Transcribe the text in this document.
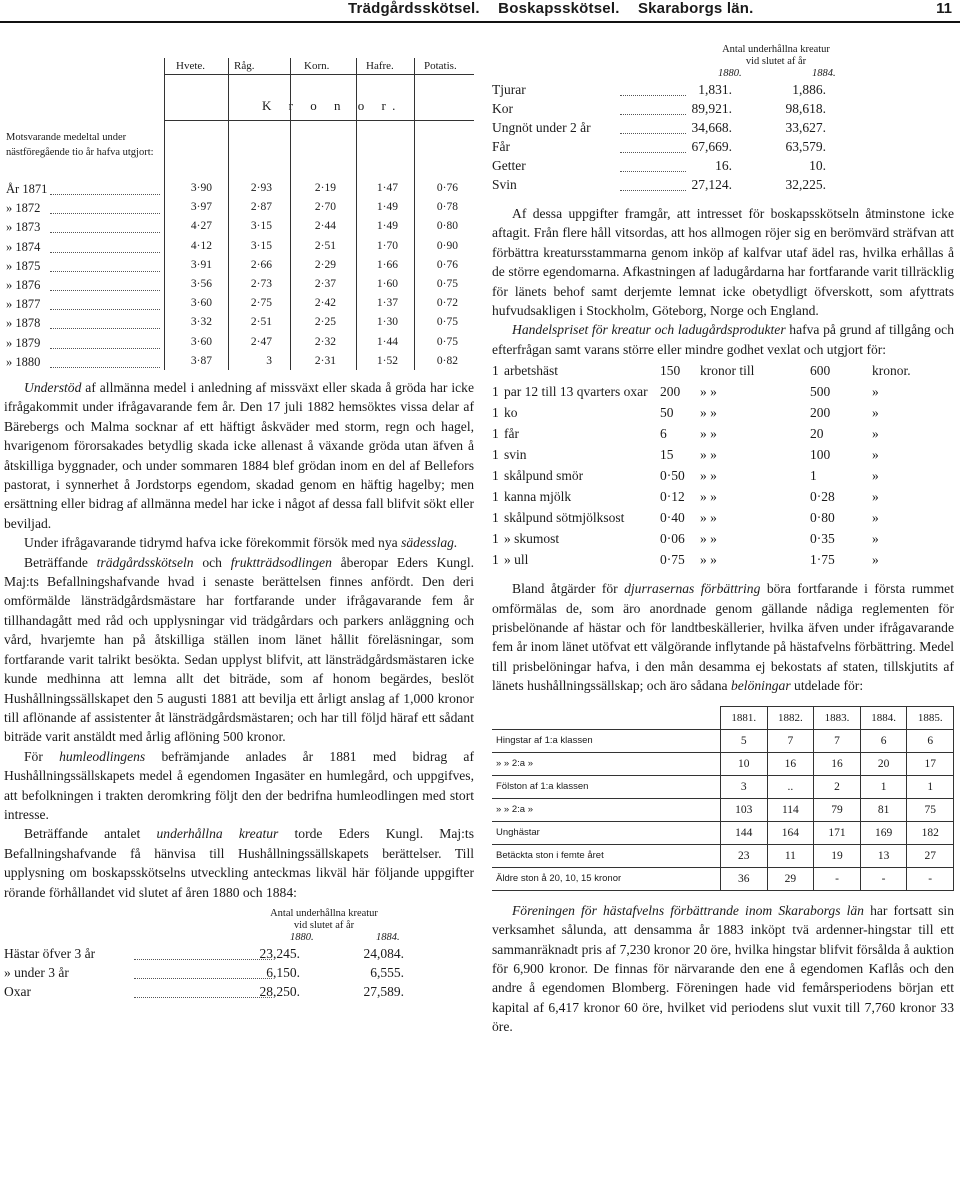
Trädgårdsskötsel. Boskapsskötsel. Skaraborgs län.	11
Hvete.	Råg.	Korn.	Hafre.	Potatis.
K r o n o r.
Motsvarande medeltal under nästföregående tio år hafva utgjort:
År 1871	3·90	2·93	2·19	1·47	0·76
» 1872	3·97	2·87	2·70	1·49	0·78
» 1873	4·27	3·15	2·44	1·49	0·80
» 1874	4·12	3·15	2·51	1·70	0·90
» 1875	3·91	2·66	2·29	1·66	0·76
» 1876	3·56	2·73	2·37	1·60	0·75
» 1877	3·60	2·75	2·42	1·37	0·72
» 1878	3·32	2·51	2·25	1·30	0·75
» 1879	3·60	2·47	2·32	1·44	0·75
» 1880	3·87	3	2·31	1·52	0·82

Understöd af allmänna medel i anledning af missväxt eller skada å gröda har icke ifrågakommit under ifrågavarande fem år. Den 17 juli 1882 hemsöktes vissa delar af Bärebergs och Malma socknar af ett häftigt åskväder med storm, regn och hagel, hvarigenom förorsakades betydlig skada icke allenast å växande gröda utan äfven å åtskilliga byggnader, och under sommaren 1884 blef grödan inom en del af Bellefors pastorat, i synnerhet å Jordstorps egendom, skadad genom en häftig hagelby; men ersättning eller bidrag af allmänna medel har icke i något af dessa fall blifvit sökt eller beviljad.

Under ifrågavarande tidrymd hafva icke förekommit försök med nya sädesslag.

Beträffande trädgårdsskötseln och fruktträdsodlingen åberopar Eders Kungl. Maj:ts Befallningshafvande hvad i senaste berättelsen finnes anfördt. Den deri omförmälde länsträdgårdsmästare har fortfarande under ifrågavarande fem år tillhandagått med råd och upplysningar vid trädgårdars och parkers anläggning och vård, hvarjemte han på åtskilliga ställen inom länet hållit föreläsningar, som fortfarande varit talrikt besökta. Sedan upplyst blifvit, att länsträdgårdsmästaren icke kunde medhinna att lemna allt det biträde, som af honom begärdes, beslöt Hushållningssällskapet den 5 augusti 1881 att bevilja ett årligt anslag af 1,000 kronor till aflönande af assistenter åt länsträdgårdsmästaren; och har till följd häraf ett sådant biträde varit anstäldt med årlig aflöning 500 kronor.

För humleodlingens befrämjande anlades år 1881 med bidrag af Hushållningssällskapets medel å egendomen Ingasäter en humlegård, och uppgifves, att befolkningen i trakten deromkring följt den der bedrifna humleodlingen med stort intresse.

Beträffande antalet underhållna kreatur torde Eders Kungl. Maj:ts Befallningshafvande få hänvisa till Hushållningssällskapets berättelser. Till upplysning om boskapsskötselns utveckling anteckmas likväl här följande uppgifter rörande förhållandet vid slutet af åren 1880 och 1884:

Antal underhållna kreatur
vid slutet af år
1880.	1884.
Hästar öfver 3 år	23,245.	24,084.
» under 3 år	6,150.	6,555.
Oxar	28,250.	27,589.
Antal underhållna kreatur
vid slutet af år
1880.	1884.
Tjurar	1,831.	1,886.
Kor	89,921.	98,618.
Ungnöt under 2 år	34,668.	33,627.
Får	67,669.	63,579.
Getter	16.	10.
Svin	27,124.	32,225.

Af dessa uppgifter framgår, att intresset för boskapsskötseln åtminstone icke aftagit. Från flere håll vitsordas, att hos allmogen röjer sig en berömvärd sträfvan att förbättra kreatursstammarna genom inköp af kalfvar utaf ädel ras, hvilka erhållas å de större egendomarna. Afkastningen af ladugårdarna har fortfarande varit tillräcklig för länets behof samt derjemte lemnat icke obetydligt öfverskott, som afyttrats hufvudsakligen i Stockholm, Göteborg, Norge och England.

Handelspriset för kreatur och ladugårdsprodukter hafva på grund af tillgång och efterfrågan samt varans större eller mindre godhet vexlat och utgjort för:

1 arbetshäst	150 kronor till	600	kronor.
1 par 12 till 13 qvarters oxar 200 » »	500	»
1 ko	50 » »	200	»
1 får	6 » »	20	»
1 svin	15 » »	100	»
1 skålpund smör	0·50 » »	1	»
1 kanna mjölk	0·12 » »	0·28	»
1 skålpund sötmjölksost	0·40 » »	0·80	»
1 » skumost	0·06 » »	0·35	»
1 » ull	0·75 » »	1·75	»

Bland åtgärder för djurrasernas förbättring böra fortfarande i första rummet omförmälas de, som äro anordnade genom gällande nådiga reglementen för prisbelönande af hästar och för landtbeskällerier, hvilka äfven under ifrågavarande fem år inom länet utöfvat ett välgörande inflytande på hästafvelns förbättring. Medel till prisbelöningar hafva, i den mån desamma ej bekostats af staten, tillskjutits af länets hushållningssällskap; och äro sådana belöningar utdelade för:

	1881.	1882.	1883.	1884.	1885.
Hingstar af 1:a klassen	5	7	7	6	6
» » 2:a »	10	16	16	20	17
Fölston af 1:a klassen	3	..	2	1	1
» » 2:a »	103	114	79	81	75
Unghästar	144	164	171	169	182
Betäckta ston i femte året	23	11	19	13	27
Äldre ston å 20, 10, 15 kronor	36	29	-	-	-

Föreningen för hästafvelns förbättrande inom Skaraborgs län har fortsatt sin verksamhet sålunda, att densamma år 1883 inköpt tvä ardenner-hingstar till ett sammanräknadt pris af 7,230 kronor 20 öre, hvilka hingstar blifvit försålda å auktion för 6,900 kronor. De finnas för närvarande den ene å egendomen Kaflås och den andre å egendomen Blomberg. Föreningen hade vid femårsperiodens början ett kapital af 6,417 kronor 60 öre, hvilket vid periodens slut vuxit till 7,760 kronor 33 öre.
